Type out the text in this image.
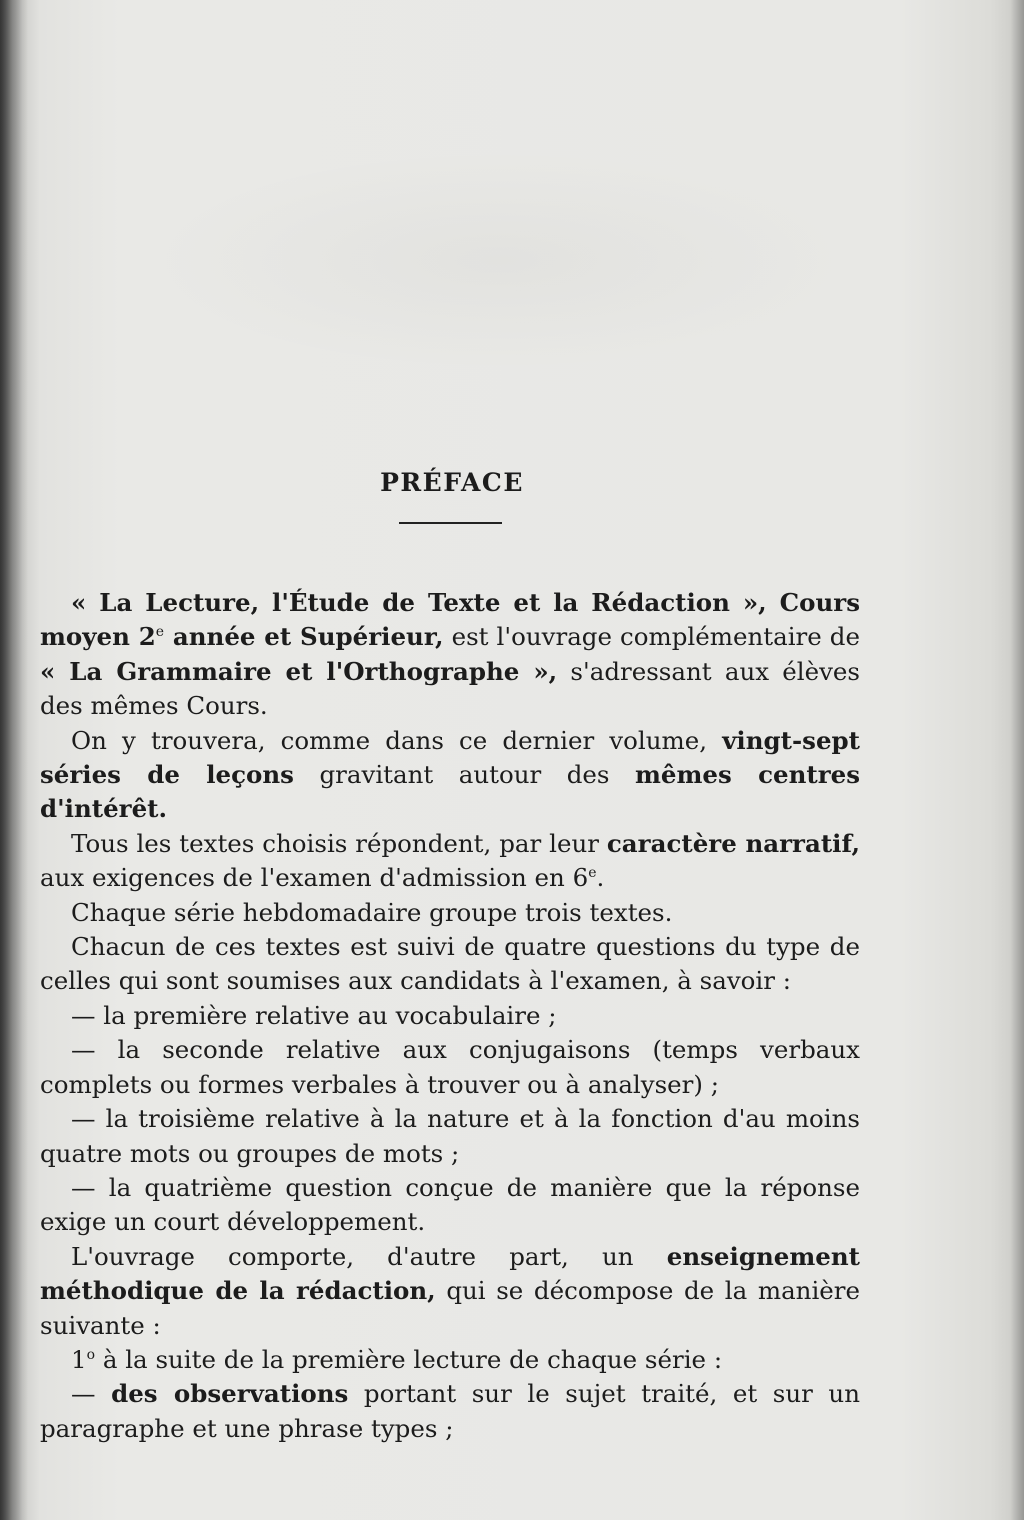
PRÉFACE

« La Lecture, l'Étude de Texte et la Rédaction », Cours moyen 2e année et Supérieur, est l'ouvrage complémentaire de « La Grammaire et l'Orthographe », s'adressant aux élèves des mêmes Cours.

On y trouvera, comme dans ce dernier volume, vingt-sept séries de leçons gravitant autour des mêmes centres d'intérêt.

Tous les textes choisis répondent, par leur caractère narratif, aux exigences de l'examen d'admission en 6e.

Chaque série hebdomadaire groupe trois textes.

Chacun de ces textes est suivi de quatre questions du type de celles qui sont soumises aux candidats à l'examen, à savoir :

— la première relative au vocabulaire ;

— la seconde relative aux conjugaisons (temps verbaux complets ou formes verbales à trouver ou à analyser) ;

— la troisième relative à la nature et à la fonction d'au moins quatre mots ou groupes de mots ;

— la quatrième question conçue de manière que la réponse exige un court développement.

L'ouvrage comporte, d'autre part, un enseignement méthodique de la rédaction, qui se décompose de la manière suivante :

1$^o$ à la suite de la première lecture de chaque série :

— des observations portant sur le sujet traité, et sur un paragraphe et une phrase types ;
